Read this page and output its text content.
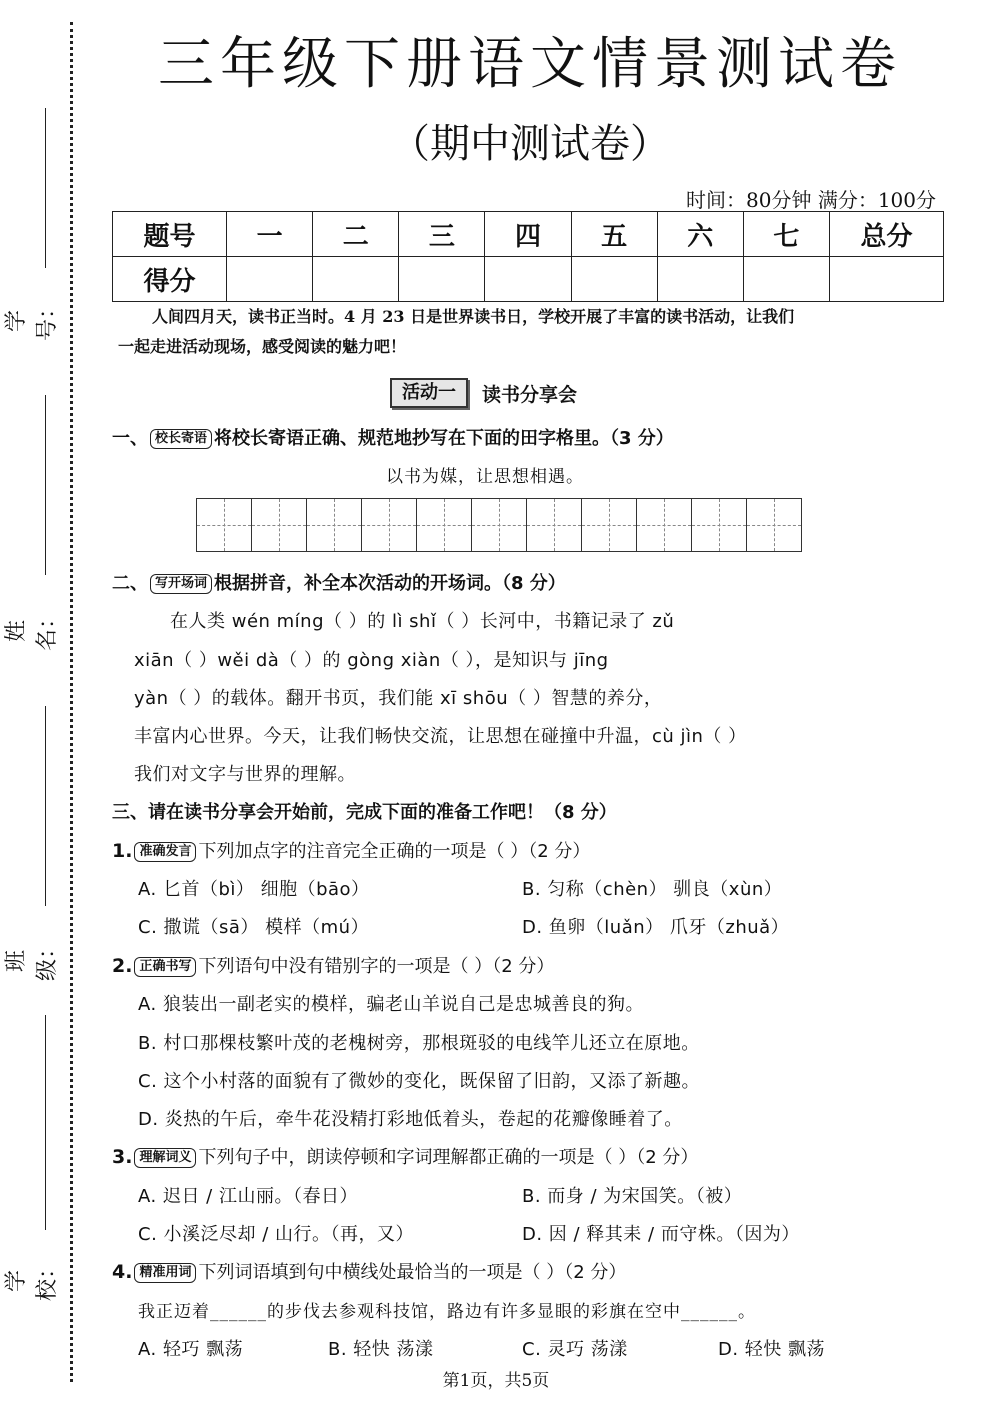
学号：
姓名：
班级：
学校：
三年级下册语文情景测试卷
（期中测试卷）
时间：80分钟 满分：100分
题号	一	二	三	四	五	六	七	总分
得分								
人间四月天，读书正当时。4 月 23 日是世界读书日，学校开展了丰富的读书活动，让我们
一起走进活动现场，感受阅读的魅力吧！
活动一	读书分享会
一、 校长寄语 将校长寄语正确、规范地抄写在下面的田字格里。（3 分）
以书为媒，让思想相遇。
二、 写开场词 根据拼音，补全本次活动的开场词。（8 分）
在人类 wén míng（ ）的 lì shǐ（ ）长河中，书籍记录了 zǔ
xiān（ ）wěi dà（ ）的 gòng xiàn（ ），是知识与 jīng
yàn（ ）的载体。翻开书页，我们能 xī shōu（ ）智慧的养分，
丰富内心世界。今天，让我们畅快交流，让思想在碰撞中升温，cù jìn（ ）
我们对文字与世界的理解。
三、请在读书分享会开始前，完成下面的准备工作吧！（8 分）
1. 准确发言 下列加点字的注音完全正确的一项是（ ）（2 分）
A. 匕首（bì） 细胞（bāo）	B. 匀称（chèn） 驯良（xùn）
C. 撒谎（sā） 模样（mú）	D. 鱼卵（luǎn） 爪牙（zhuǎ）
2. 正确书写 下列语句中没有错别字的一项是（ ）（2 分）
A. 狼装出一副老实的模样，骗老山羊说自己是忠城善良的狗。
B. 村口那棵枝繁叶茂的老槐树旁，那根斑驳的电线竿儿还立在原地。
C. 这个小村落的面貌有了微妙的变化，既保留了旧韵，又添了新趣。
D. 炎热的午后，牵牛花没精打彩地低着头，卷起的花瓣像睡着了。
3. 理解词义 下列句子中，朗读停顿和字词理解都正确的一项是（ ）（2 分）
A. 迟日 / 江山丽。（春日）	B. 而身 / 为宋国笑。（被）
C. 小溪泛尽却 / 山行。（再，又）	D. 因 / 释其耒 / 而守株。（因为）
4. 精准用词 下列词语填到句中横线处最恰当的一项是（ ）（2 分）
我正迈着______的步伐去参观科技馆，路边有许多显眼的彩旗在空中______。
A. 轻巧 飘荡	B. 轻快 荡漾	C. 灵巧 荡漾	D. 轻快 飘荡
第1页，共5页
